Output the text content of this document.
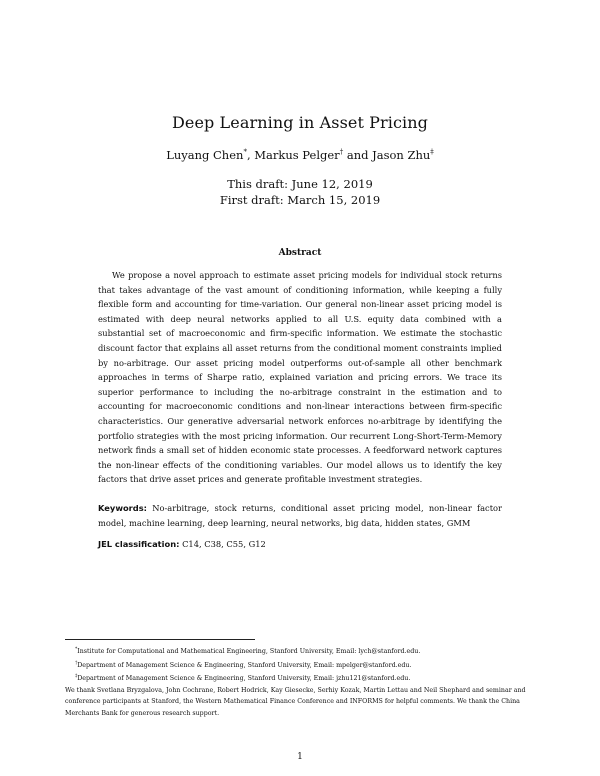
Deep Learning in Asset Pricing
Luyang Chen*, Markus Pelger† and Jason Zhu‡
This draft: June 12, 2019
First draft: March 15, 2019
Abstract
We propose a novel approach to estimate asset pricing models for individual stock returns that takes advantage of the vast amount of conditioning information, while keeping a fully flexible form and accounting for time-variation. Our general non-linear asset pricing model is estimated with deep neural networks applied to all U.S. equity data combined with a substantial set of macroeconomic and firm-specific information. We estimate the stochastic discount factor that explains all asset returns from the conditional moment constraints implied by no-arbitrage. Our asset pricing model outperforms out-of-sample all other benchmark approaches in terms of Sharpe ratio, explained variation and pricing errors. We trace its superior performance to including the no-arbitrage constraint in the estimation and to accounting for macroeconomic conditions and non-linear interactions between firm-specific characteristics. Our generative adversarial network enforces no-arbitrage by identifying the portfolio strategies with the most pricing information. Our recurrent Long-Short-Term-Memory network finds a small set of hidden economic state processes. A feedforward network captures the non-linear effects of the conditioning variables. Our model allows us to identify the key factors that drive asset prices and generate profitable investment strategies.
Keywords: No-arbitrage, stock returns, conditional asset pricing model, non-linear factor model, machine learning, deep learning, neural networks, big data, hidden states, GMM
JEL classification: C14, C38, C55, G12
*Institute for Computational and Mathematical Engineering, Stanford University, Email: lych@stanford.edu.
†Department of Management Science & Engineering, Stanford University, Email: mpelger@stanford.edu.
‡Department of Management Science & Engineering, Stanford University, Email: jzhu121@stanford.edu.
We thank Svetlana Bryzgalova, John Cochrane, Robert Hodrick, Kay Giesecke, Serhiy Kozak, Martin Lettau and Neil Shephard and seminar and conference participants at Stanford, the Western Mathematical Finance Conference and INFORMS for helpful comments. We thank the China Merchants Bank for generous research support.
1
